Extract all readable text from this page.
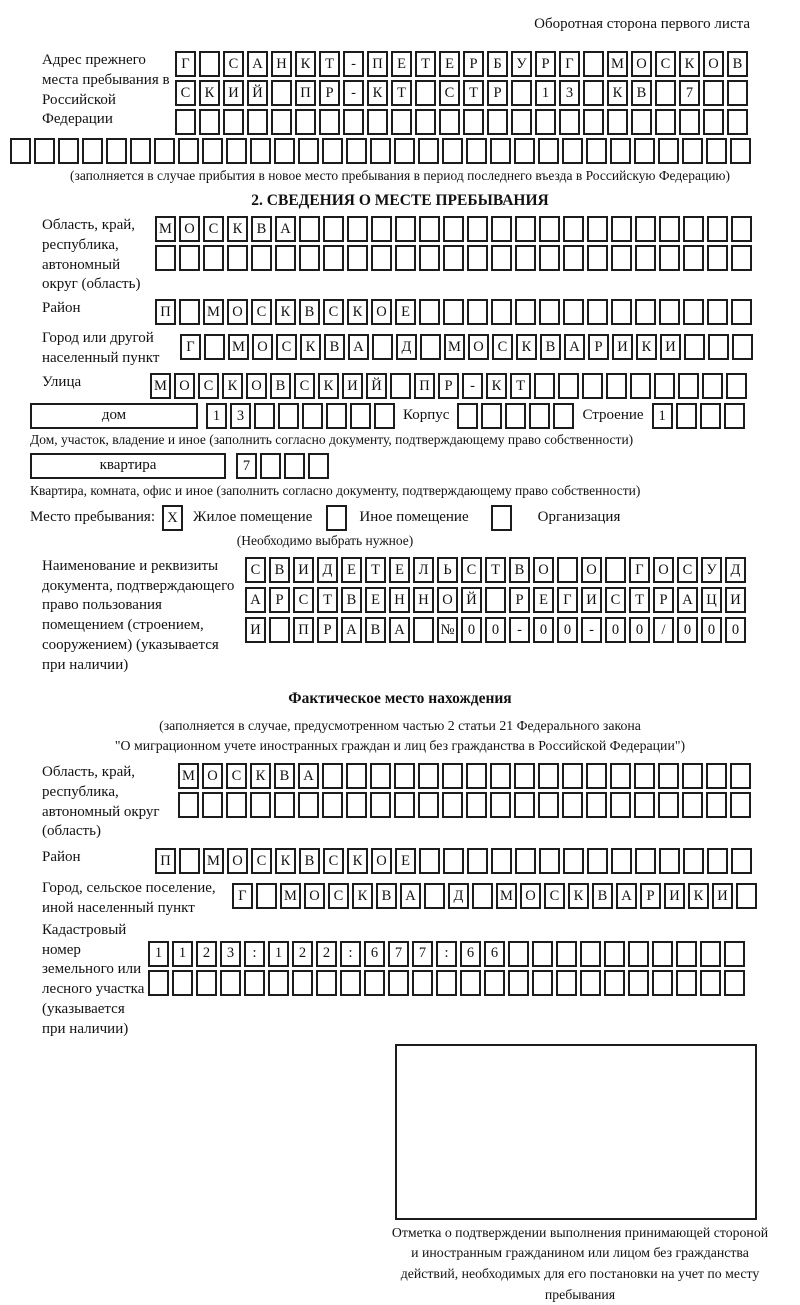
Оборотная сторона первого листа
Адрес прежнего места пребывания в Российской Федерации
Г	С А Н К	Т	-	П Е	Т	Е	Р	Б	У	Р	Г	М О С К О В
С К И Й	П	Р	-	К	Т	С	Т	Р	1	3	К В	7
(заполняется в случае прибытия в новое место пребывания в период последнего въезда в Российскую Федерацию)
2. СВЕДЕНИЯ О МЕСТЕ ПРЕБЫВАНИЯ
Область, край, республика, автономный округ (область)
М О С К В А
Район	П	М О С К В С К О Е
Город или другой населенный пункт
Г	М О С К В А	Д	М О С К В А	Р	И К И
Улица	М О С К О В С К И Й	П	Р	-	К	Т
дом	1	3	Корпус	Строение	1
Дом, участок, владение и иное (заполнить согласно документу, подтверждающему право собственности)
квартира	7
Квартира, комната, офис и иное (заполнить согласно документу, подтверждающему право собственности)
Место пребывания: X	Жилое помещение	Иное помещение	Организация
(Необходимо выбрать нужное)
Наименование и реквизиты документа, подтверждающего право пользования помещением (строением, сооружением) (указывается при наличии)
С В И Д	Е	Т	Е	Л	Ь	С	Т	В О	О	Г	О С У Д
А	Р	С	Т	В	Е Н Н О Й	Р	Е	Г	И С	Т	Р	А Ц И
И	П	Р	А В А	№ 0	0	-	0	0	-	0	0	/	0	0	0
Фактическое место нахождения
(заполняется в случае, предусмотренном частью 2 статьи 21 Федерального закона
"О миграционном учете иностранных граждан и лиц без гражданства в Российской Федерации")
Область, край, республика, автономный округ (область)
М О С К В А
Район	П	М О С К В С К О Е
Город, сельское поселение, иной населенный пункт
Г	М О С К В А	Д	М О С К В А	Р	И К И
Кадастровый номер земельного или лесного участка (указывается при наличии)
1	1	2	3	:	1	2	2	:	6	7	7	:	6	6
Отметка о подтверждении выполнения принимающей стороной и иностранным гражданином или лицом без гражданства действий, необходимых для его постановки на учет по месту пребывания
